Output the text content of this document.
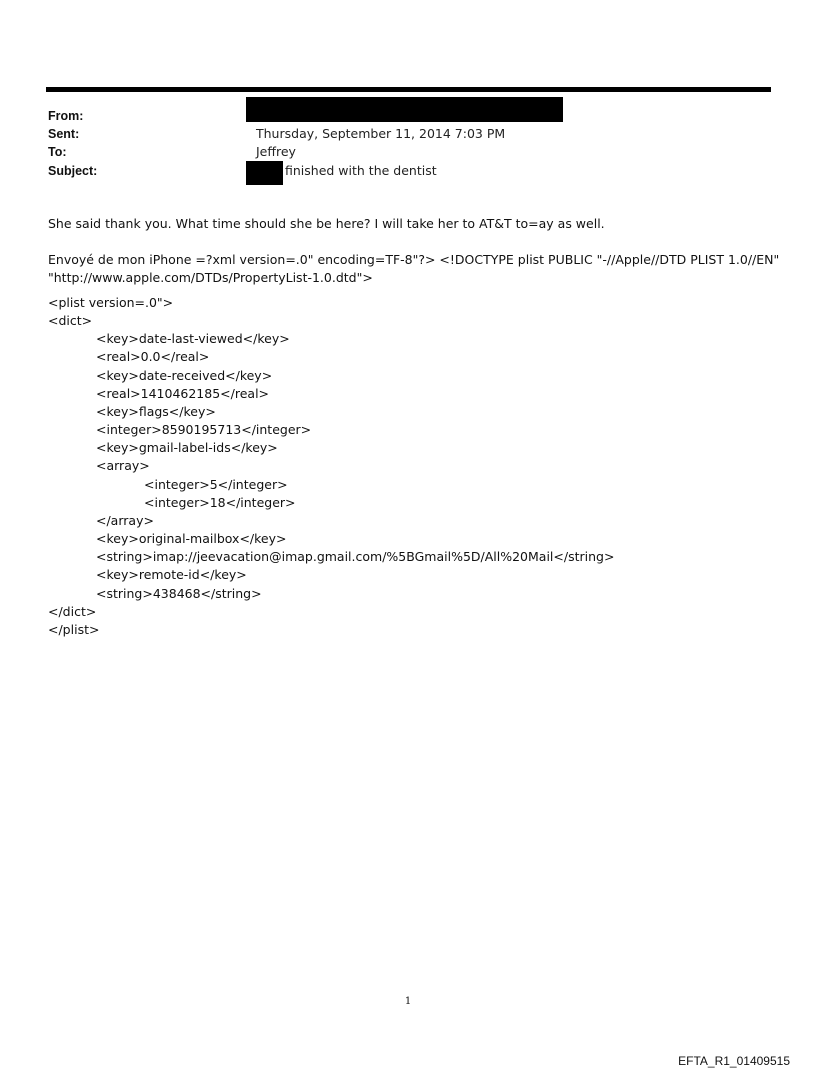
From:
Sent:	Thursday, September 11, 2014 7:03 PM
To:	Jeffrey
Subject:	finished with the dentist
She said thank you. What time should she be here? I will take her to AT&T to=ay as well.
Envoyé de mon iPhone =?xml version=.0" encoding=TF-8"?> <!DOCTYPE plist PUBLIC "-//Apple//DTD PLIST 1.0//EN"
"http://www.apple.com/DTDs/PropertyList-1.0.dtd">
<plist version=.0">
<dict>
<key>date-last-viewed</key>
<real>0.0</real>
<key>date-received</key>
<real>1410462185</real>
<key>flags</key>
<integer>8590195713</integer>
<key>gmail-label-ids</key>
<array>
<integer>5</integer>
<integer>18</integer>
</array>
<key>original-mailbox</key>
<string>imap://jeevacation@imap.gmail.com/%5BGmail%5D/All%20Mail</string>
<key>remote-id</key>
<string>438468</string>
</dict>
</plist>
1
EFTA_R1_01409515
